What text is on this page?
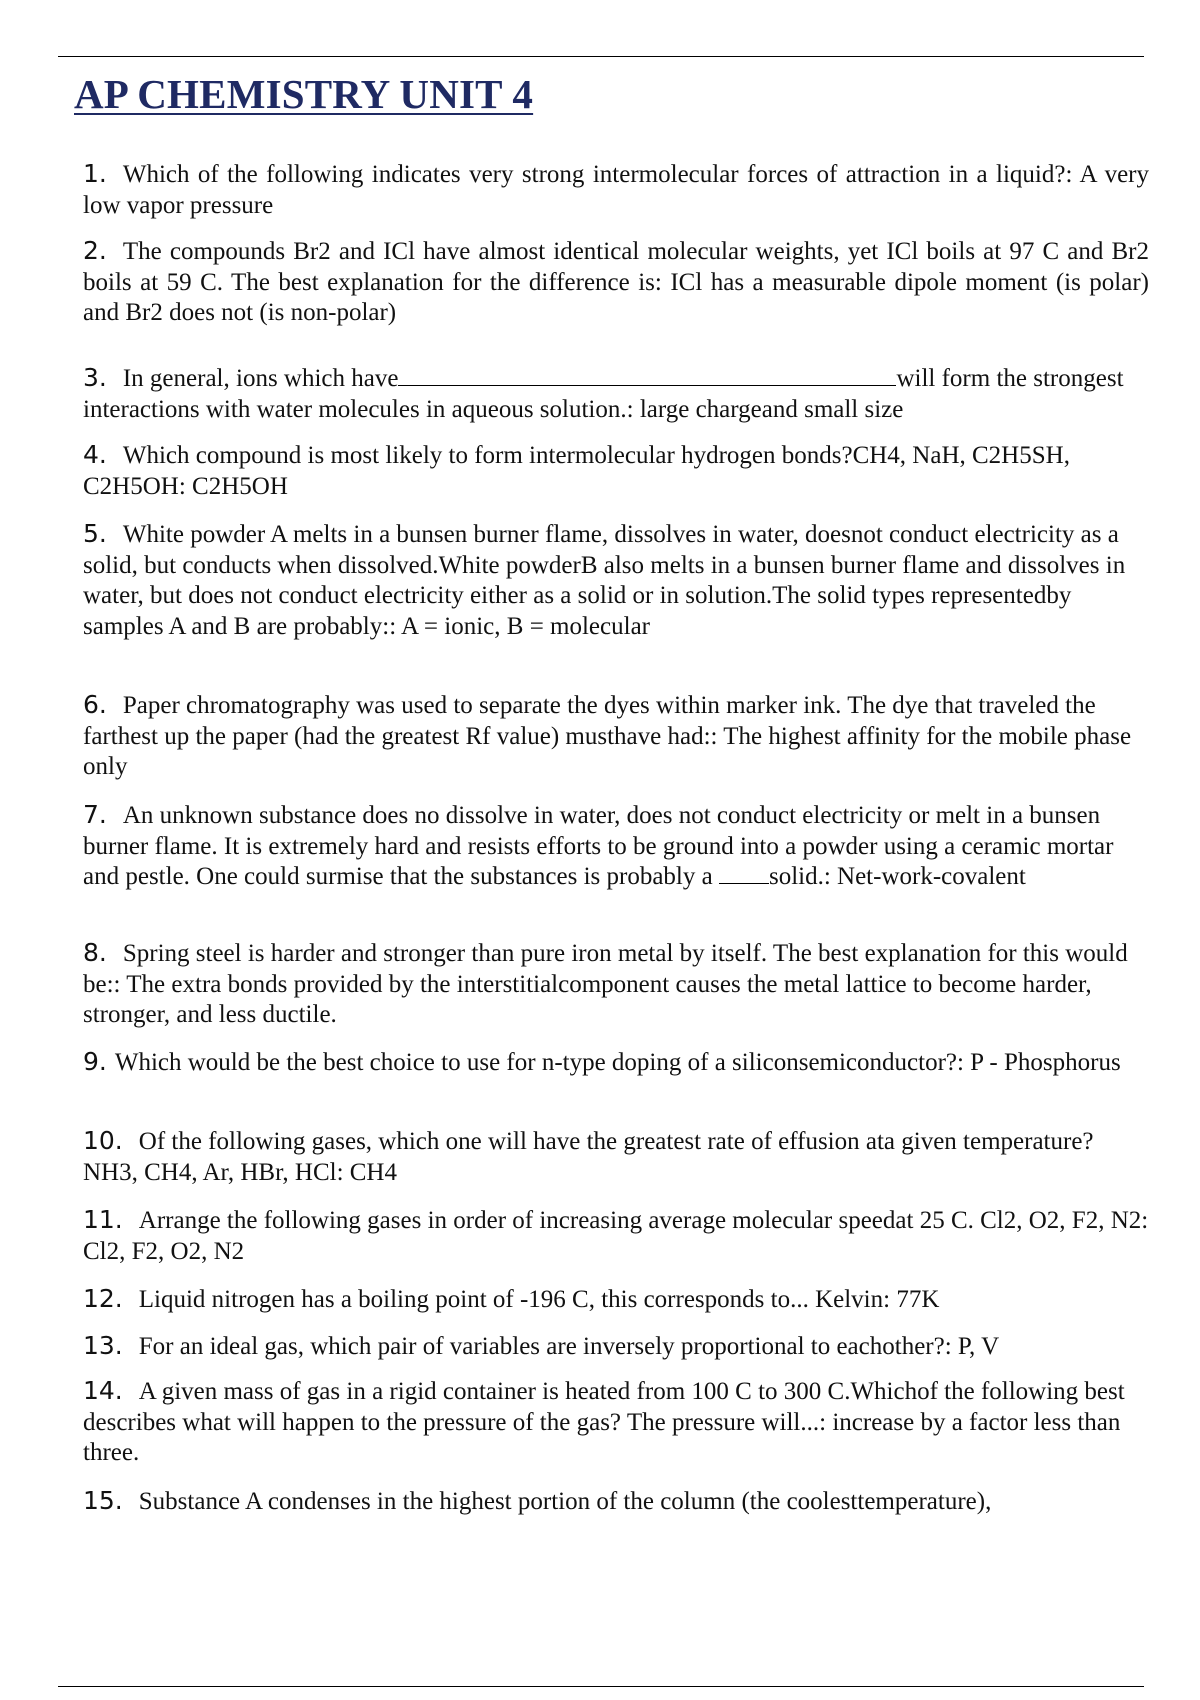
AP CHEMISTRY UNIT 4

1. Which of the following indicates very strong intermolecular forces of attraction in a liquid?: A very low vapor pressure

2. The compounds Br2 and ICl have almost identical molecular weights, yet ICl boils at 97 C and Br2 boils at 59 C. The best explanation for the difference is: ICl has a measurable dipole moment (is polar) and Br2 does not (is non-polar)

3. In general, ions which have	will form the strongest interactions with water molecules in aqueous solution.: large chargeand small size

4. Which compound is most likely to form intermolecular hydrogen bonds?CH4, NaH, C2H5SH, C2H5OH: C2H5OH

5. White powder A melts in a bunsen burner flame, dissolves in water, doesnot conduct electricity as a solid, but conducts when dissolved.White powderB also melts in a bunsen burner flame and dissolves in water, but does not conduct electricity either as a solid or in solution.The solid types representedby samples A and B are probably:: A = ionic, B = molecular

6. Paper chromatography was used to separate the dyes within marker ink. The dye that traveled the farthest up the paper (had the greatest Rf value) musthave had:: The highest affinity for the mobile phase only

7. An unknown substance does no dissolve in water, does not conduct electricity or melt in a bunsen burner flame. It is extremely hard and resists efforts to be ground into a powder using a ceramic mortar and pestle. One could surmise that the substances is probably a solid.: Net-work-covalent

8. Spring steel is harder and stronger than pure iron metal by itself. The best explanation for this would be:: The extra bonds provided by the interstitialcomponent causes the metal lattice to become harder, stronger, and less ductile.

9. Which would be the best choice to use for n-type doping of a siliconsemiconductor?: P - Phosphorus

10. Of the following gases, which one will have the greatest rate of effusion ata given temperature? NH3, CH4, Ar, HBr, HCl: CH4

11. Arrange the following gases in order of increasing average molecular speedat 25 C. Cl2, O2, F2, N2: Cl2, F2, O2, N2

12. Liquid nitrogen has a boiling point of -196 C, this corresponds to... Kelvin: 77K

13. For an ideal gas, which pair of variables are inversely proportional to eachother?: P, V

14. A given mass of gas in a rigid container is heated from 100 C to 300 C.Whichof the following best describes what will happen to the pressure of the gas? The pressure will...: increase by a factor less than three.

15. Substance A condenses in the highest portion of the column (the coolesttemperature),
